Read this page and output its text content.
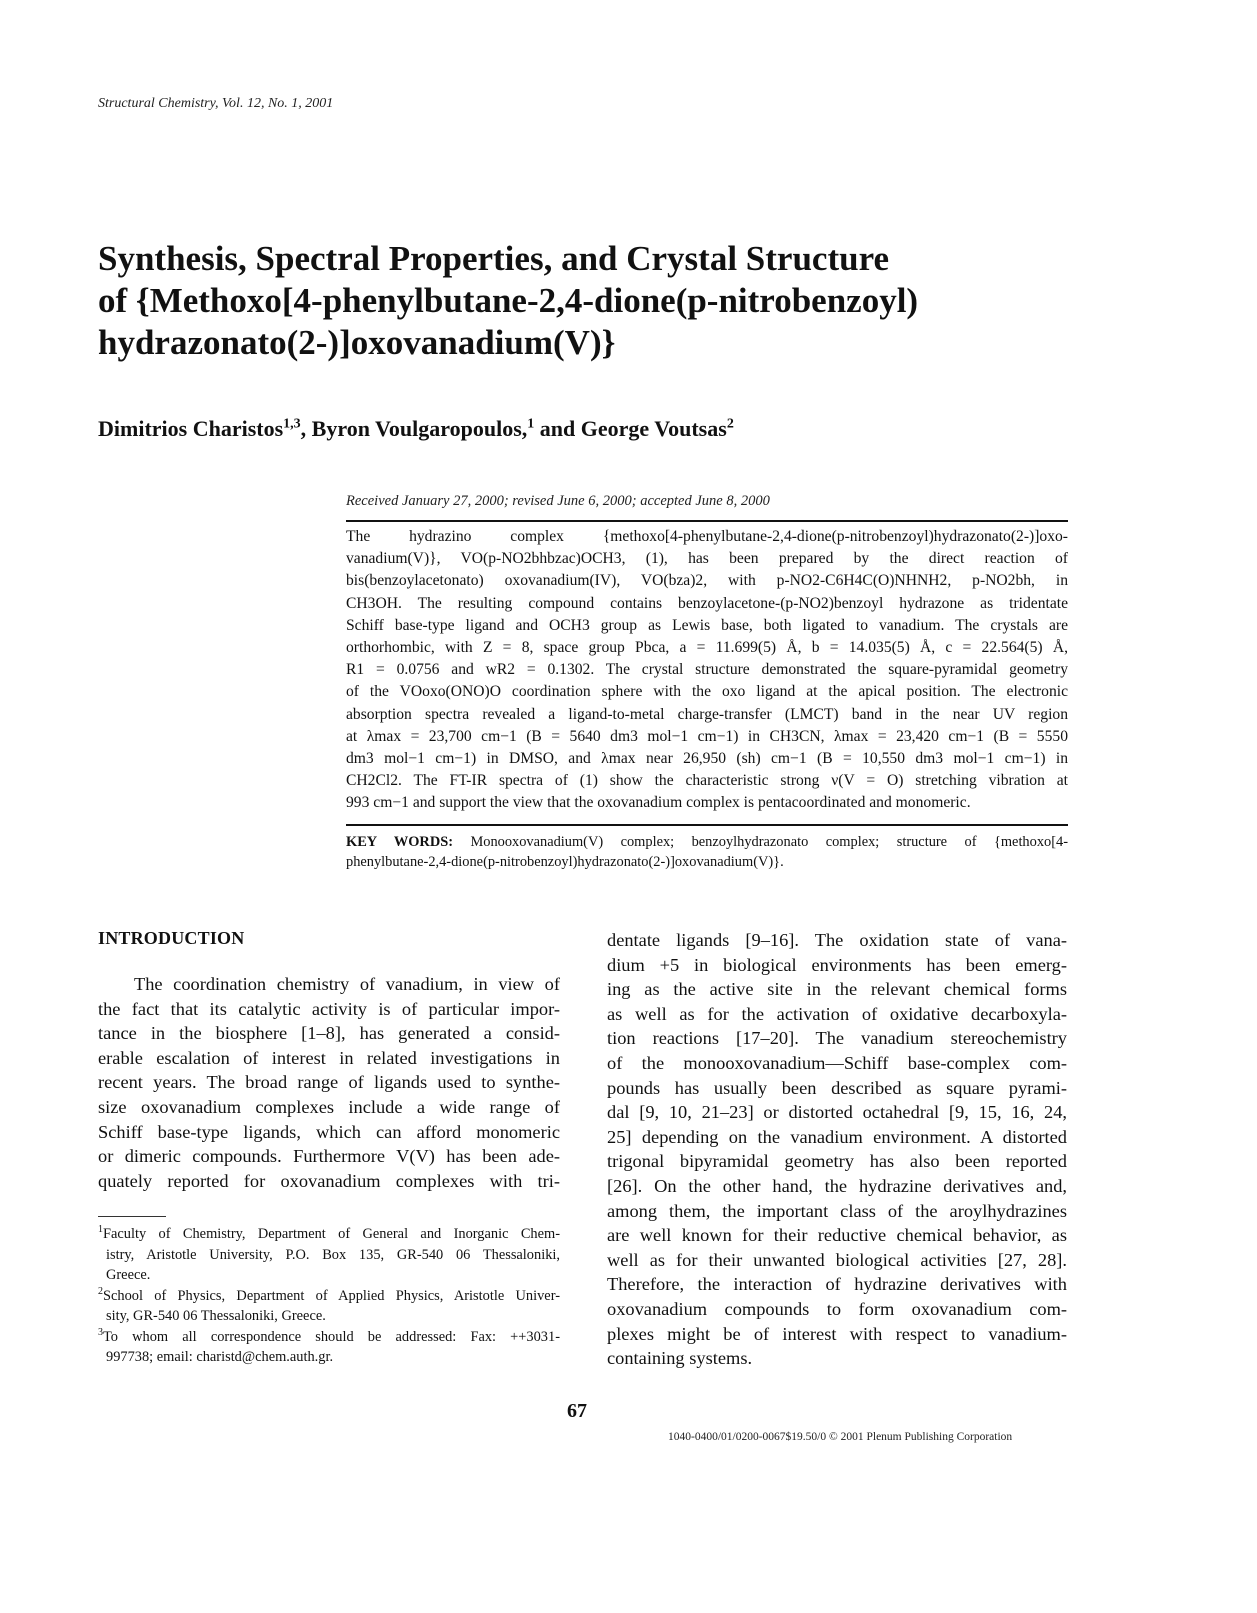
Structural Chemistry, Vol. 12, No. 1, 2001
Synthesis, Spectral Properties, and Crystal Structure
of {Methoxo[4-phenylbutane-2,4-dione(p-nitrobenzoyl)
hydrazonato(2-)]oxovanadium(V)}
Dimitrios Charistos$^{1,3}$, Byron Voulgaropoulos,$^1$ and George Voutsas$^2$
Received January 27, 2000; revised June 6, 2000; accepted June 8, 2000
The hydrazino complex {methoxo[4-phenylbutane-2,4-dione(p-nitrobenzoyl)hydrazonato(2-)]oxo-
vanadium(V)}, VO(p-NO2bhbzac)OCH3, (1), has been prepared by the direct reaction of
bis(benzoylacetonato) oxovanadium(IV), VO(bza)2, with p-NO2-C6H4C(O)NHNH2, p-NO2bh, in
CH3OH. The resulting compound contains benzoylacetone-(p-NO2)benzoyl hydrazone as tridentate
Schiff base-type ligand and OCH3 group as Lewis base, both ligated to vanadium. The crystals are
orthorhombic, with Z = 8, space group Pbca, a = 11.699(5) Å, b = 14.035(5) Å, c = 22.564(5) Å,
R1 = 0.0756 and wR2 = 0.1302. The crystal structure demonstrated the square-pyramidal geometry
of the VOoxo(ONO)O coordination sphere with the oxo ligand at the apical position. The electronic
absorption spectra revealed a ligand-to-metal charge-transfer (LMCT) band in the near UV region
at λmax = 23,700 cm−1 (B = 5640 dm3 mol−1 cm−1) in CH3CN, λmax = 23,420 cm−1 (B = 5550
dm3 mol−1 cm−1) in DMSO, and λmax near 26,950 (sh) cm−1 (B = 10,550 dm3 mol−1 cm−1) in
CH2Cl2. The FT-IR spectra of (1) show the characteristic strong ν(V = O) stretching vibration at
993 cm−1 and support the view that the oxovanadium complex is pentacoordinated and monomeric.
KEY WORDS: Monooxovanadium(V) complex; benzoylhydrazonato complex; structure of {methoxo[4-
phenylbutane-2,4-dione(p-nitrobenzoyl)hydrazonato(2-)]oxovanadium(V)}.
INTRODUCTION
The coordination chemistry of vanadium, in view of
the fact that its catalytic activity is of particular impor-
tance in the biosphere [1–8], has generated a consid-
erable escalation of interest in related investigations in
recent years. The broad range of ligands used to synthe-
size oxovanadium complexes include a wide range of
Schiff base-type ligands, which can afford monomeric
or dimeric compounds. Furthermore V(V) has been ade-
quately reported for oxovanadium complexes with tri-
$^1$Faculty of Chemistry, Department of General and Inorganic Chem-
istry, Aristotle University, P.O. Box 135, GR-540 06 Thessaloniki,
Greece.
$^2$School of Physics, Department of Applied Physics, Aristotle Univer-
sity, GR-540 06 Thessaloniki, Greece.
$^3$To whom all correspondence should be addressed: Fax: ++3031-
997738; email: charistd@chem.auth.gr.
dentate ligands [9–16]. The oxidation state of vana-
dium +5 in biological environments has been emerg-
ing as the active site in the relevant chemical forms
as well as for the activation of oxidative decarboxyla-
tion reactions [17–20]. The vanadium stereochemistry
of the monooxovanadium—Schiff base-complex com-
pounds has usually been described as square pyrami-
dal [9, 10, 21–23] or distorted octahedral [9, 15, 16, 24,
25] depending on the vanadium environment. A distorted
trigonal bipyramidal geometry has also been reported
[26]. On the other hand, the hydrazine derivatives and,
among them, the important class of the aroylhydrazines
are well known for their reductive chemical behavior, as
well as for their unwanted biological activities [27, 28].
Therefore, the interaction of hydrazine derivatives with
oxovanadium compounds to form oxovanadium com-
plexes might be of interest with respect to vanadium-
containing systems.
67
1040-0400/01/0200-0067$19.50/0 © 2001 Plenum Publishing Corporation
